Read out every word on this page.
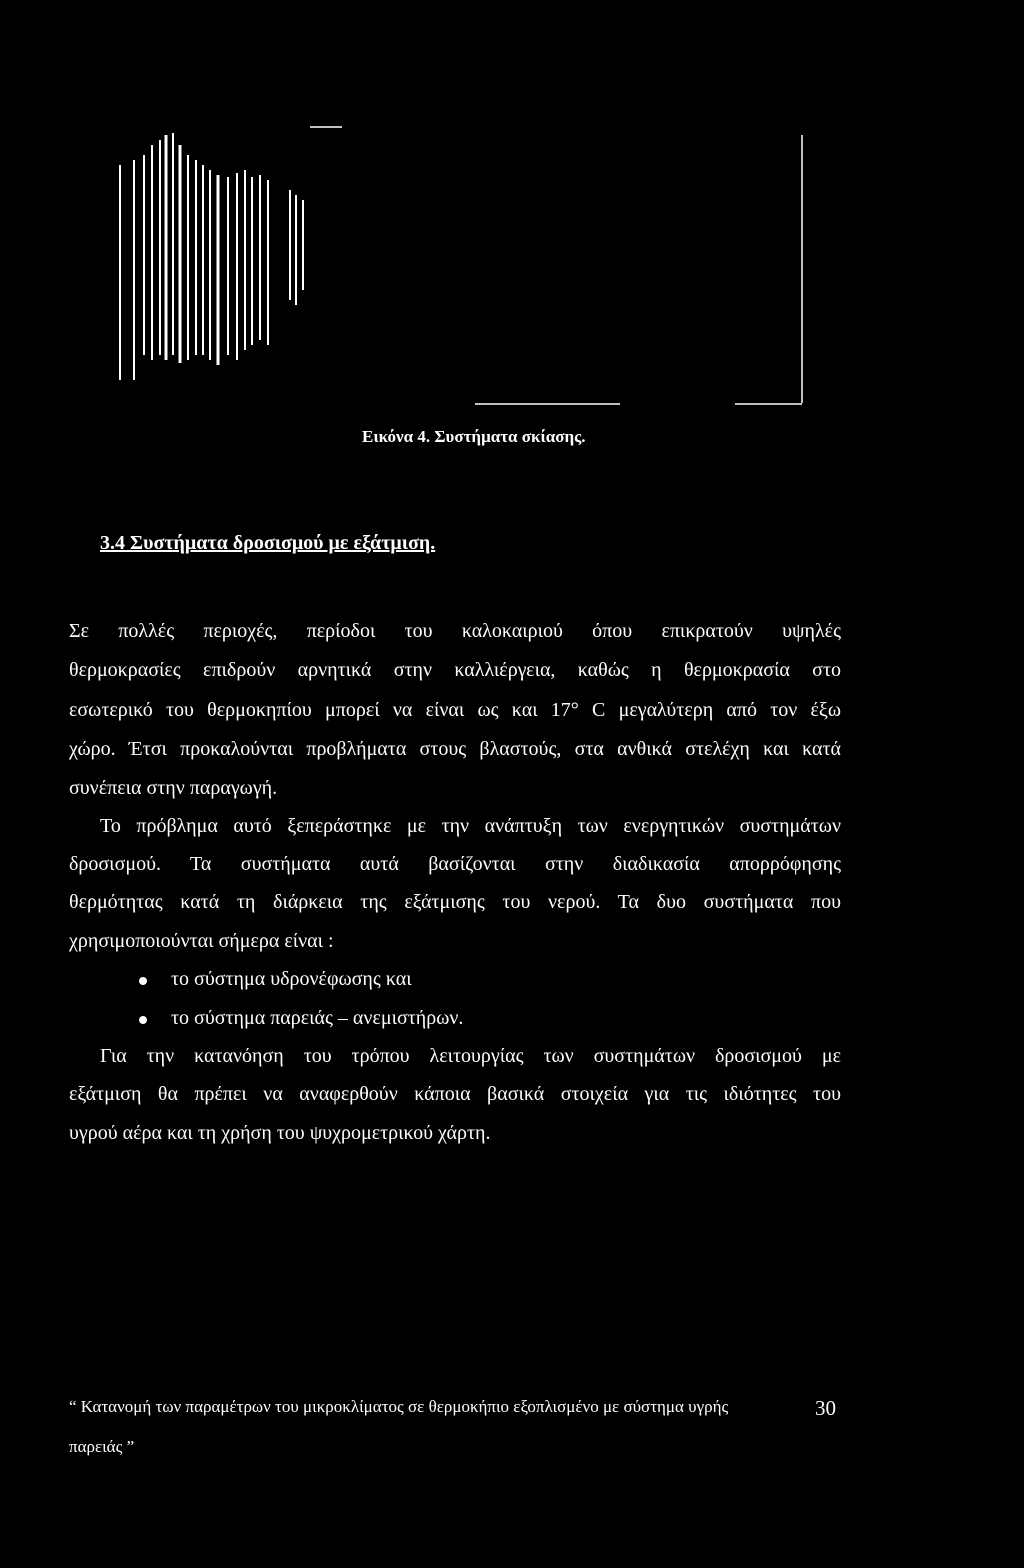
Εικόνα 4. Συστήματα σκίασης.
3.4 Συστήματα δροσισμού με εξάτμιση.
Σε πολλές περιοχές, περίοδοι του καλοκαιριού όπου επικρατούν υψηλές
θερμοκρασίες επιδρούν αρνητικά στην καλλιέργεια, καθώς η θερμοκρασία στο
εσωτερικό του θερμοκηπίου μπορεί να είναι ως και 17° C μεγαλύτερη από τον έξω
χώρο. Έτσι προκαλούνται προβλήματα στους βλαστούς, στα ανθικά στελέχη και κατά
συνέπεια στην παραγωγή.
Το πρόβλημα αυτό ξεπεράστηκε με την ανάπτυξη των ενεργητικών συστημάτων
δροσισμού. Τα συστήματα αυτά βασίζονται στην διαδικασία απορρόφησης
θερμότητας κατά τη διάρκεια της εξάτμισης του νερού. Τα δυο συστήματα που
χρησιμοποιούνται σήμερα είναι :
το σύστημα υδρονέφωσης και
το σύστημα παρειάς – ανεμιστήρων.
Για την κατανόηση του τρόπου λειτουργίας των συστημάτων δροσισμού με
εξάτμιση θα πρέπει να αναφερθούν κάποια βασικά στοιχεία για τις ιδιότητες του
υγρού αέρα και τη χρήση του ψυχρομετρικού χάρτη.
“ Κατανομή των παραμέτρων του μικροκλίματος σε θερμοκήπιο εξοπλισμένο με σύστημα υγρής	30
παρειάς ”
